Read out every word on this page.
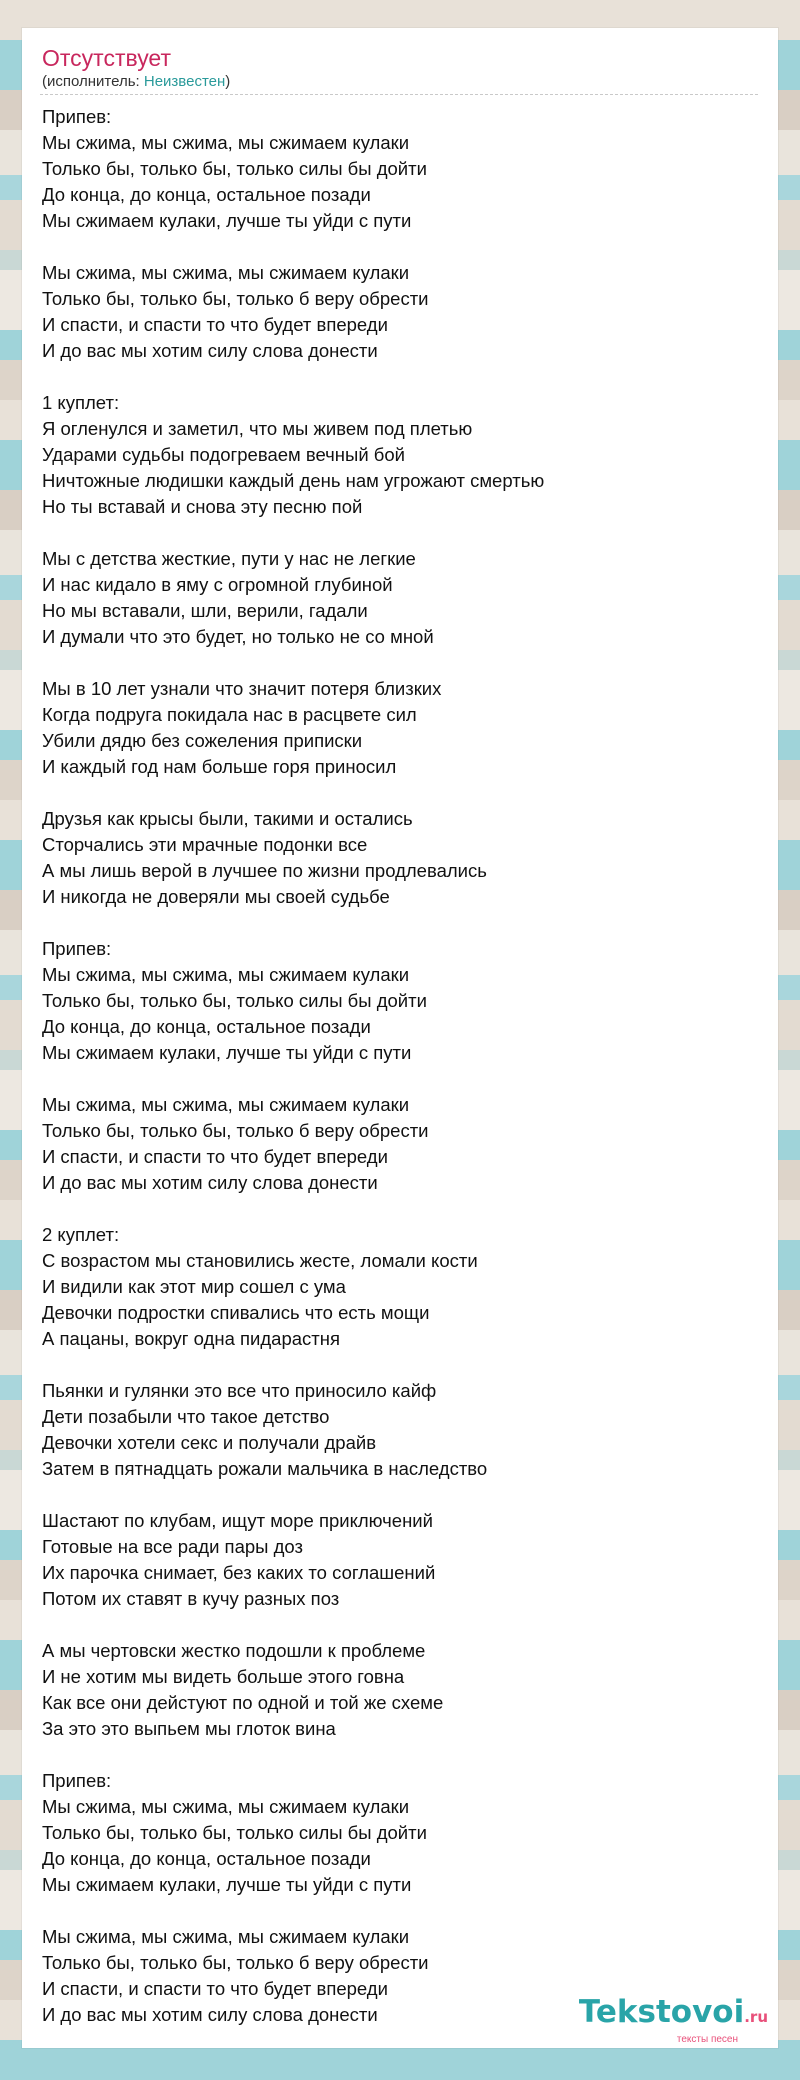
Отсутствует
(исполнитель: Неизвестен)
Припев:
Мы сжима, мы сжима, мы сжимаем кулаки
Только бы, только бы, только силы бы дойти
До конца, до конца, остальное позади
Мы сжимаем кулаки, лучше ты уйди с пути
Мы сжима, мы сжима, мы сжимаем кулаки
Только бы, только бы, только б веру обрести
И спасти, и спасти то что будет впереди
И до вас мы хотим силу слова донести
1 куплет:
Я огленулся и заметил, что мы живем под плетью
Ударами судьбы подогреваем вечный бой
Ничтожные людишки каждый день нам угрожают смертью
Но ты вставай и снова эту песню пой
Мы с детства жесткие, пути у нас не легкие
И нас кидало в яму с огромной глубиной
Но мы вставали, шли, верили, гадали
И думали что это будет, но только не со мной
Мы в 10 лет узнали что значит потеря близких
Когда подруга покидала нас в расцвете сил
Убили дядю без сожеления приписки
И каждый год нам больше горя приносил
Друзья как крысы были, такими и остались
Сторчались эти мрачные подонки все
А мы лишь верой в лучшее по жизни продлевались
И никогда не доверяли мы своей судьбе
Припев:
Мы сжима, мы сжима, мы сжимаем кулаки
Только бы, только бы, только силы бы дойти
До конца, до конца, остальное позади
Мы сжимаем кулаки, лучше ты уйди с пути
Мы сжима, мы сжима, мы сжимаем кулаки
Только бы, только бы, только б веру обрести
И спасти, и спасти то что будет впереди
И до вас мы хотим силу слова донести
2 куплет:
С возрастом мы становились жесте, ломали кости
И видили как этот мир сошел с ума
Девочки подростки спивались что есть мощи
А пацаны, вокруг одна пидарастня
Пьянки и гулянки это все что приносило кайф
Дети позабыли что такое детство
Девочки хотели секс и получали драйв
Затем в пятнадцать рожали мальчика в наследство
Шастают по клубам, ищут море приключений
Готовые на все ради пары доз
Их парочка снимает, без каких то соглашений
Потом их ставят в кучу разных поз
А мы чертовски жестко подошли к проблеме
И не хотим мы видеть больше этого говна
Как все они дейстуют по одной и той же схеме
За это это выпьем мы глоток вина
Припев:
Мы сжима, мы сжима, мы сжимаем кулаки
Только бы, только бы, только силы бы дойти
До конца, до конца, остальное позади
Мы сжимаем кулаки, лучше ты уйди с пути
Мы сжима, мы сжима, мы сжимаем кулаки
Только бы, только бы, только б веру обрести
И спасти, и спасти то что будет впереди
И до вас мы хотим силу слова донести	Tekstovoi.ru
тексты песен
